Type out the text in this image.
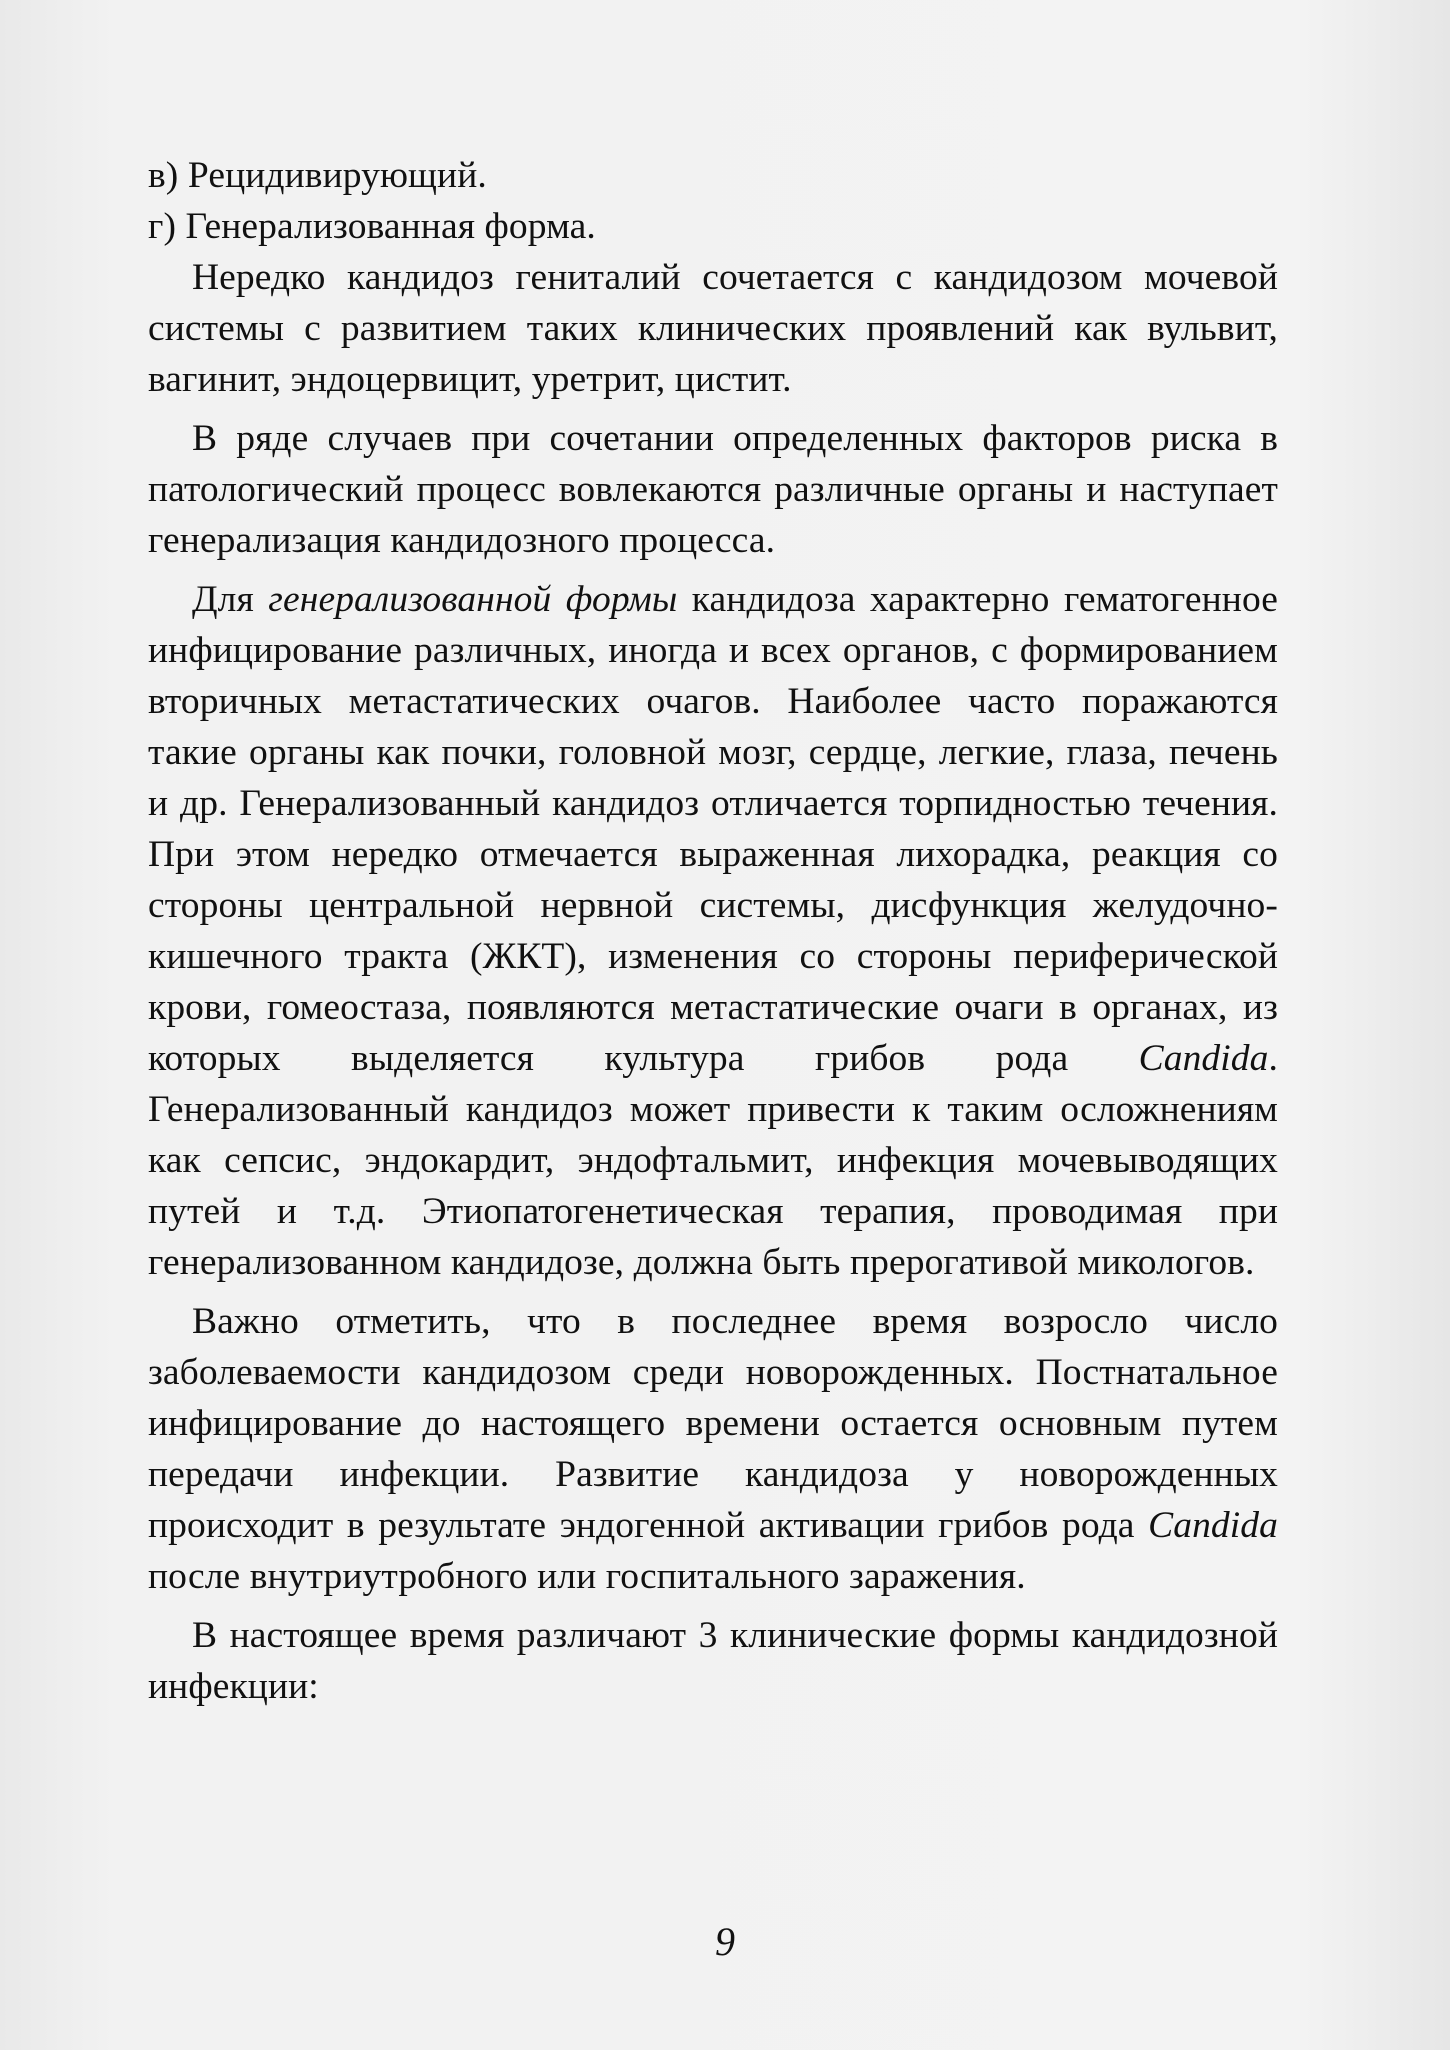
в) Рецидивирующий.

г) Генерализованная форма.

Нередко кандидоз гениталий сочетается с кандидозом мочевой системы с развитием таких клинических проявлений как вульвит, вагинит, эндоцервицит, уретрит, цистит.

В ряде случаев при сочетании определенных факторов риска в патологический процесс вовлекаются различные органы и наступает генерализация кандидозного процесса.

Для генерализованной формы кандидоза характерно гематогенное инфицирование различных, иногда и всех органов, с формированием вторичных метастатических очагов. Наиболее часто поражаются такие органы как почки, головной мозг, сердце, легкие, глаза, печень и др. Генерализованный кандидоз отличается торпидностью течения. При этом нередко отмечается выраженная лихорадка, реакция со стороны центральной нервной системы, дисфункция желудочно-кишечного тракта (ЖКТ), изменения со стороны периферической крови, гомеостаза, появляются метастатические очаги в органах, из которых выделяется культура грибов рода Candida. Генерализованный кандидоз может привести к таким осложнениям как сепсис, эндокардит, эндофтальмит, инфекция мочевыводящих путей и т.д. Этиопатогенетическая терапия, проводимая при генерализованном кандидозе, должна быть прерогативой микологов.

Важно отметить, что в последнее время возросло число заболеваемости кандидозом среди новорожденных. Постнатальное инфицирование до настоящего времени остается основным путем передачи инфекции. Развитие кандидоза у новорожденных происходит в результате эндогенной активации грибов рода Candida после внутриутробного или госпитального заражения.

В настоящее время различают 3 клинические формы кандидозной инфекции:

9
